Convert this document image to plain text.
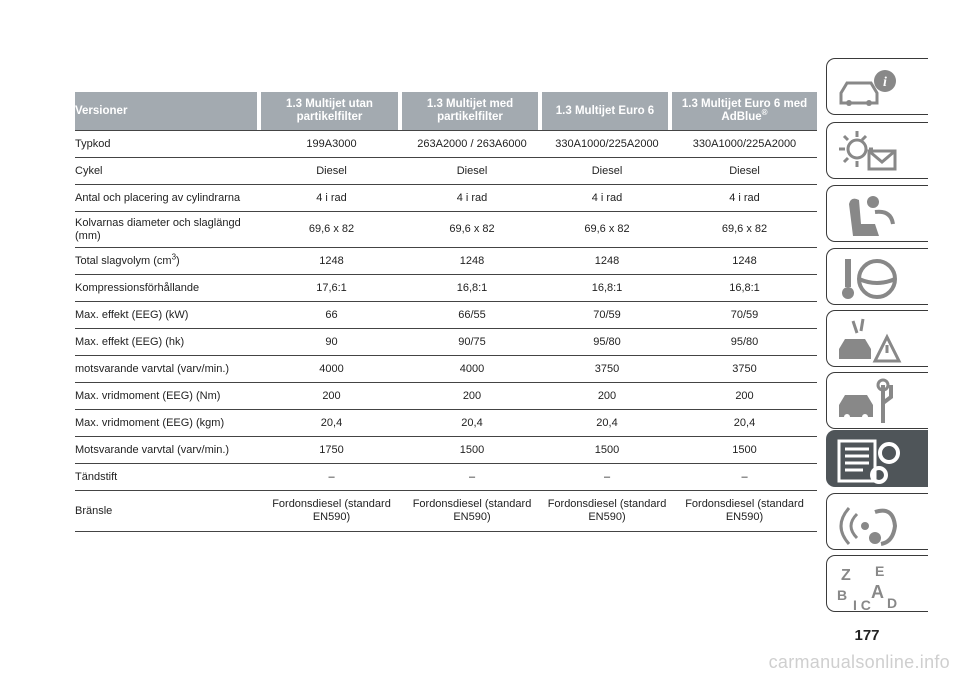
Versioner	1.3 Multijet utan partikelfilter	1.3 Multijet med partikelfilter	1.3 Multijet Euro 6	1.3 Multijet Euro 6 med AdBlue®
Typkod	199A3000	263A2000 / 263A6000	330A1000/225A2000	330A1000/225A2000
Cykel	Diesel	Diesel	Diesel	Diesel
Antal och placering av cylindrarna	4 i rad	4 i rad	4 i rad	4 i rad
Kolvarnas diameter och slaglängd (mm)	69,6 x 82	69,6 x 82	69,6 x 82	69,6 x 82
Total slagvolym $(cm^3)$	1248	1248	1248	1248
Kompressionsförhållande	17,6:1	16,8:1	16,8:1	16,8:1
Max. effekt (EEG) (kW)	66	66/55	70/59	70/59
Max. effekt (EEG) (hk)	90	90/75	95/80	95/80
motsvarande varvtal (varv/min.)	4000	4000	3750	3750
Max. vridmoment (EEG) (Nm)	200	200	200	200
Max. vridmoment (EEG) (kgm)	20,4	20,4	20,4	20,4
Motsvarande varvtal (varv/min.)	1750	1500	1500	1500
Tändstift	–	–	–	–
Bränsle	Fordonsdiesel (standard EN590)	Fordonsdiesel (standard EN590)	Fordonsdiesel (standard EN590)	Fordonsdiesel (standard EN590)
i
Z E
B A
I C D
177
carmanualsonline.info
